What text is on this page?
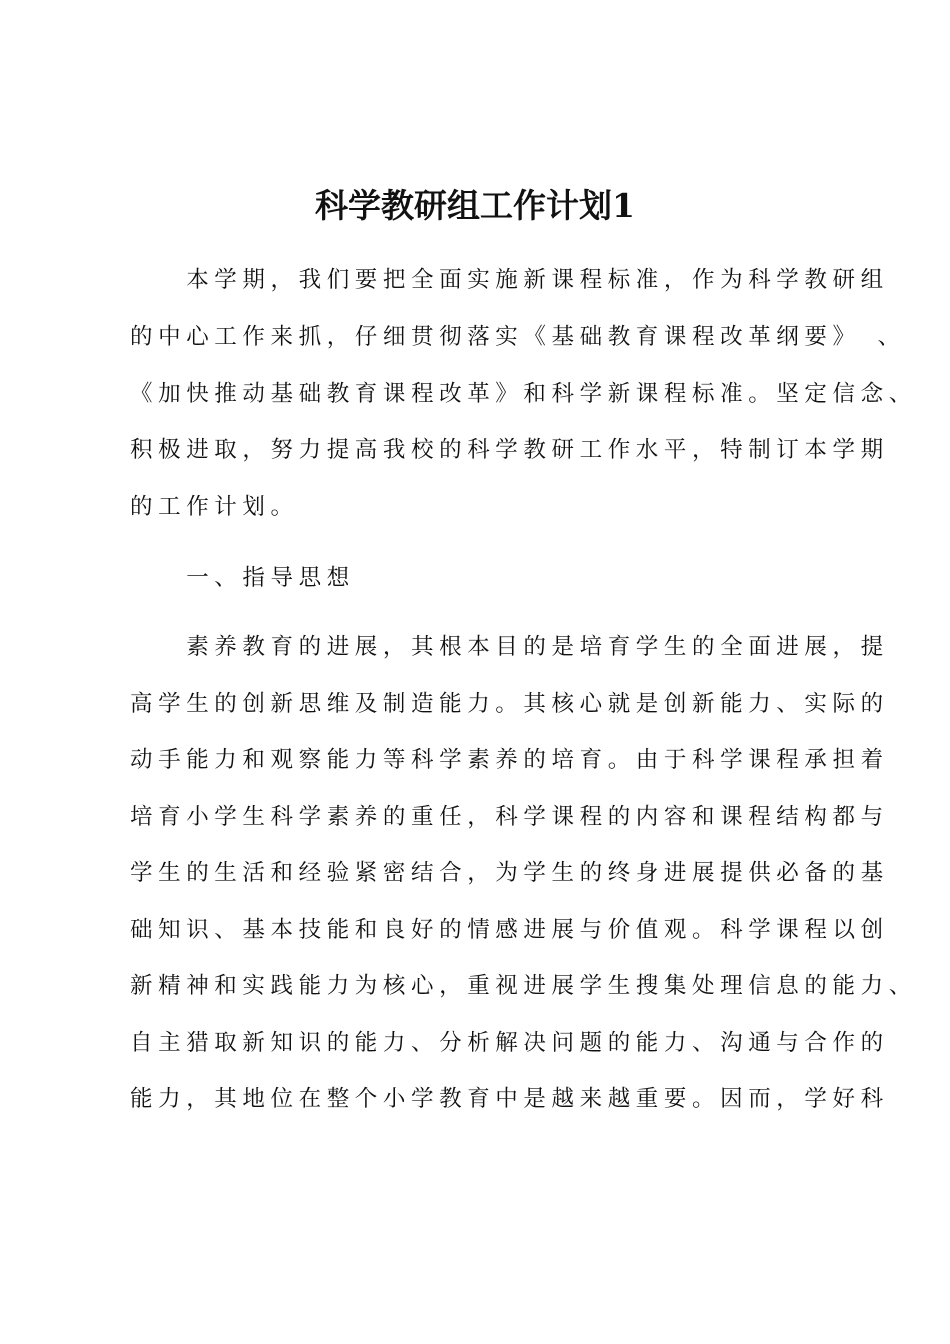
科学教研组工作计划1
　　本学期，我们要把全面实施新课程标准，作为科学教研组
的中心工作来抓，仔细贯彻落实《基础教育课程改革纲要》　、
《加快推动基础教育课程改革》和科学新课程标准。坚定信念、
积极进取，努力提高我校的科学教研工作水平，特制订本学期
的工作计划。
　　一、指导思想
　　素养教育的进展，其根本目的是培育学生的全面进展，提
高学生的创新思维及制造能力。其核心就是创新能力、实际的
动手能力和观察能力等科学素养的培育。由于科学课程承担着
培育小学生科学素养的重任，科学课程的内容和课程结构都与
学生的生活和经验紧密结合，为学生的终身进展提供必备的基
础知识、基本技能和良好的情感进展与价值观。科学课程以创
新精神和实践能力为核心，重视进展学生搜集处理信息的能力、
自主猎取新知识的能力、分析解决问题的能力、沟通与合作的
能力，其地位在整个小学教育中是越来越重要。因而，学好科
